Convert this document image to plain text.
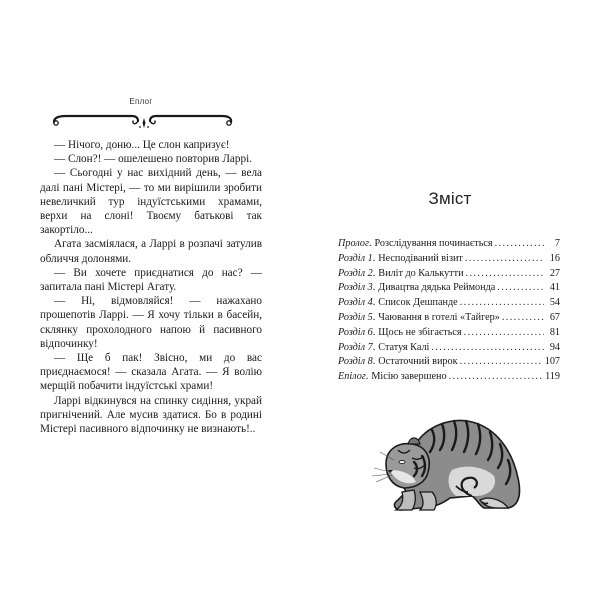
Еплог

— Нічого, доню... Це слон капризує!

— Слон?! — ошелешено повторив Ларрі.

— Сьогодні у нас вихідний день, — вела далі пані Містері, — то ми вирішили зробити невеличкий тур індуїстськими храмами, верхи на слоні! Твоєму батькові так закортіло...

Агата засміялася, а Ларрі в розпачі затулив обличчя долонями.

— Ви хочете приєднатися до нас? — запитала пані Містері Агату.

— Ні, відмовляйся! — нажахано прошепотів Ларрі. — Я хочу тільки в басейн, склянку прохолодного напою й пасивного відпочинку!

— Ще б пак! Звісно, ми до вас приєднаємося! — сказала Агата. — Я волію мерщій побачити індуїстські храми!

Ларрі відкинувся на спинку сидіння, украй пригнічений. Але мусив здатися. Бо в родині Містері пасивного відпочинку не визнають!..

Зміст
Пролог . Розслідування починається .....	7
Розділ 1 . Несподіваний візит .....	16
Розділ 2 . Виліт до Калькутти .....	27
Розділ 3 . Дивацтва дядька Реймонда .....	41
Розділ 4 . Список Дешпанде .....	54
Розділ 5 . Чаювання в готелі «Тайгер» .....	67
Розділ 6 . Щось не збігається .....	81
Розділ 7 . Статуя Калі .....	94
Розділ 8 . Остаточний вирок .....	107
Епілог . Місію завершено .....	119
